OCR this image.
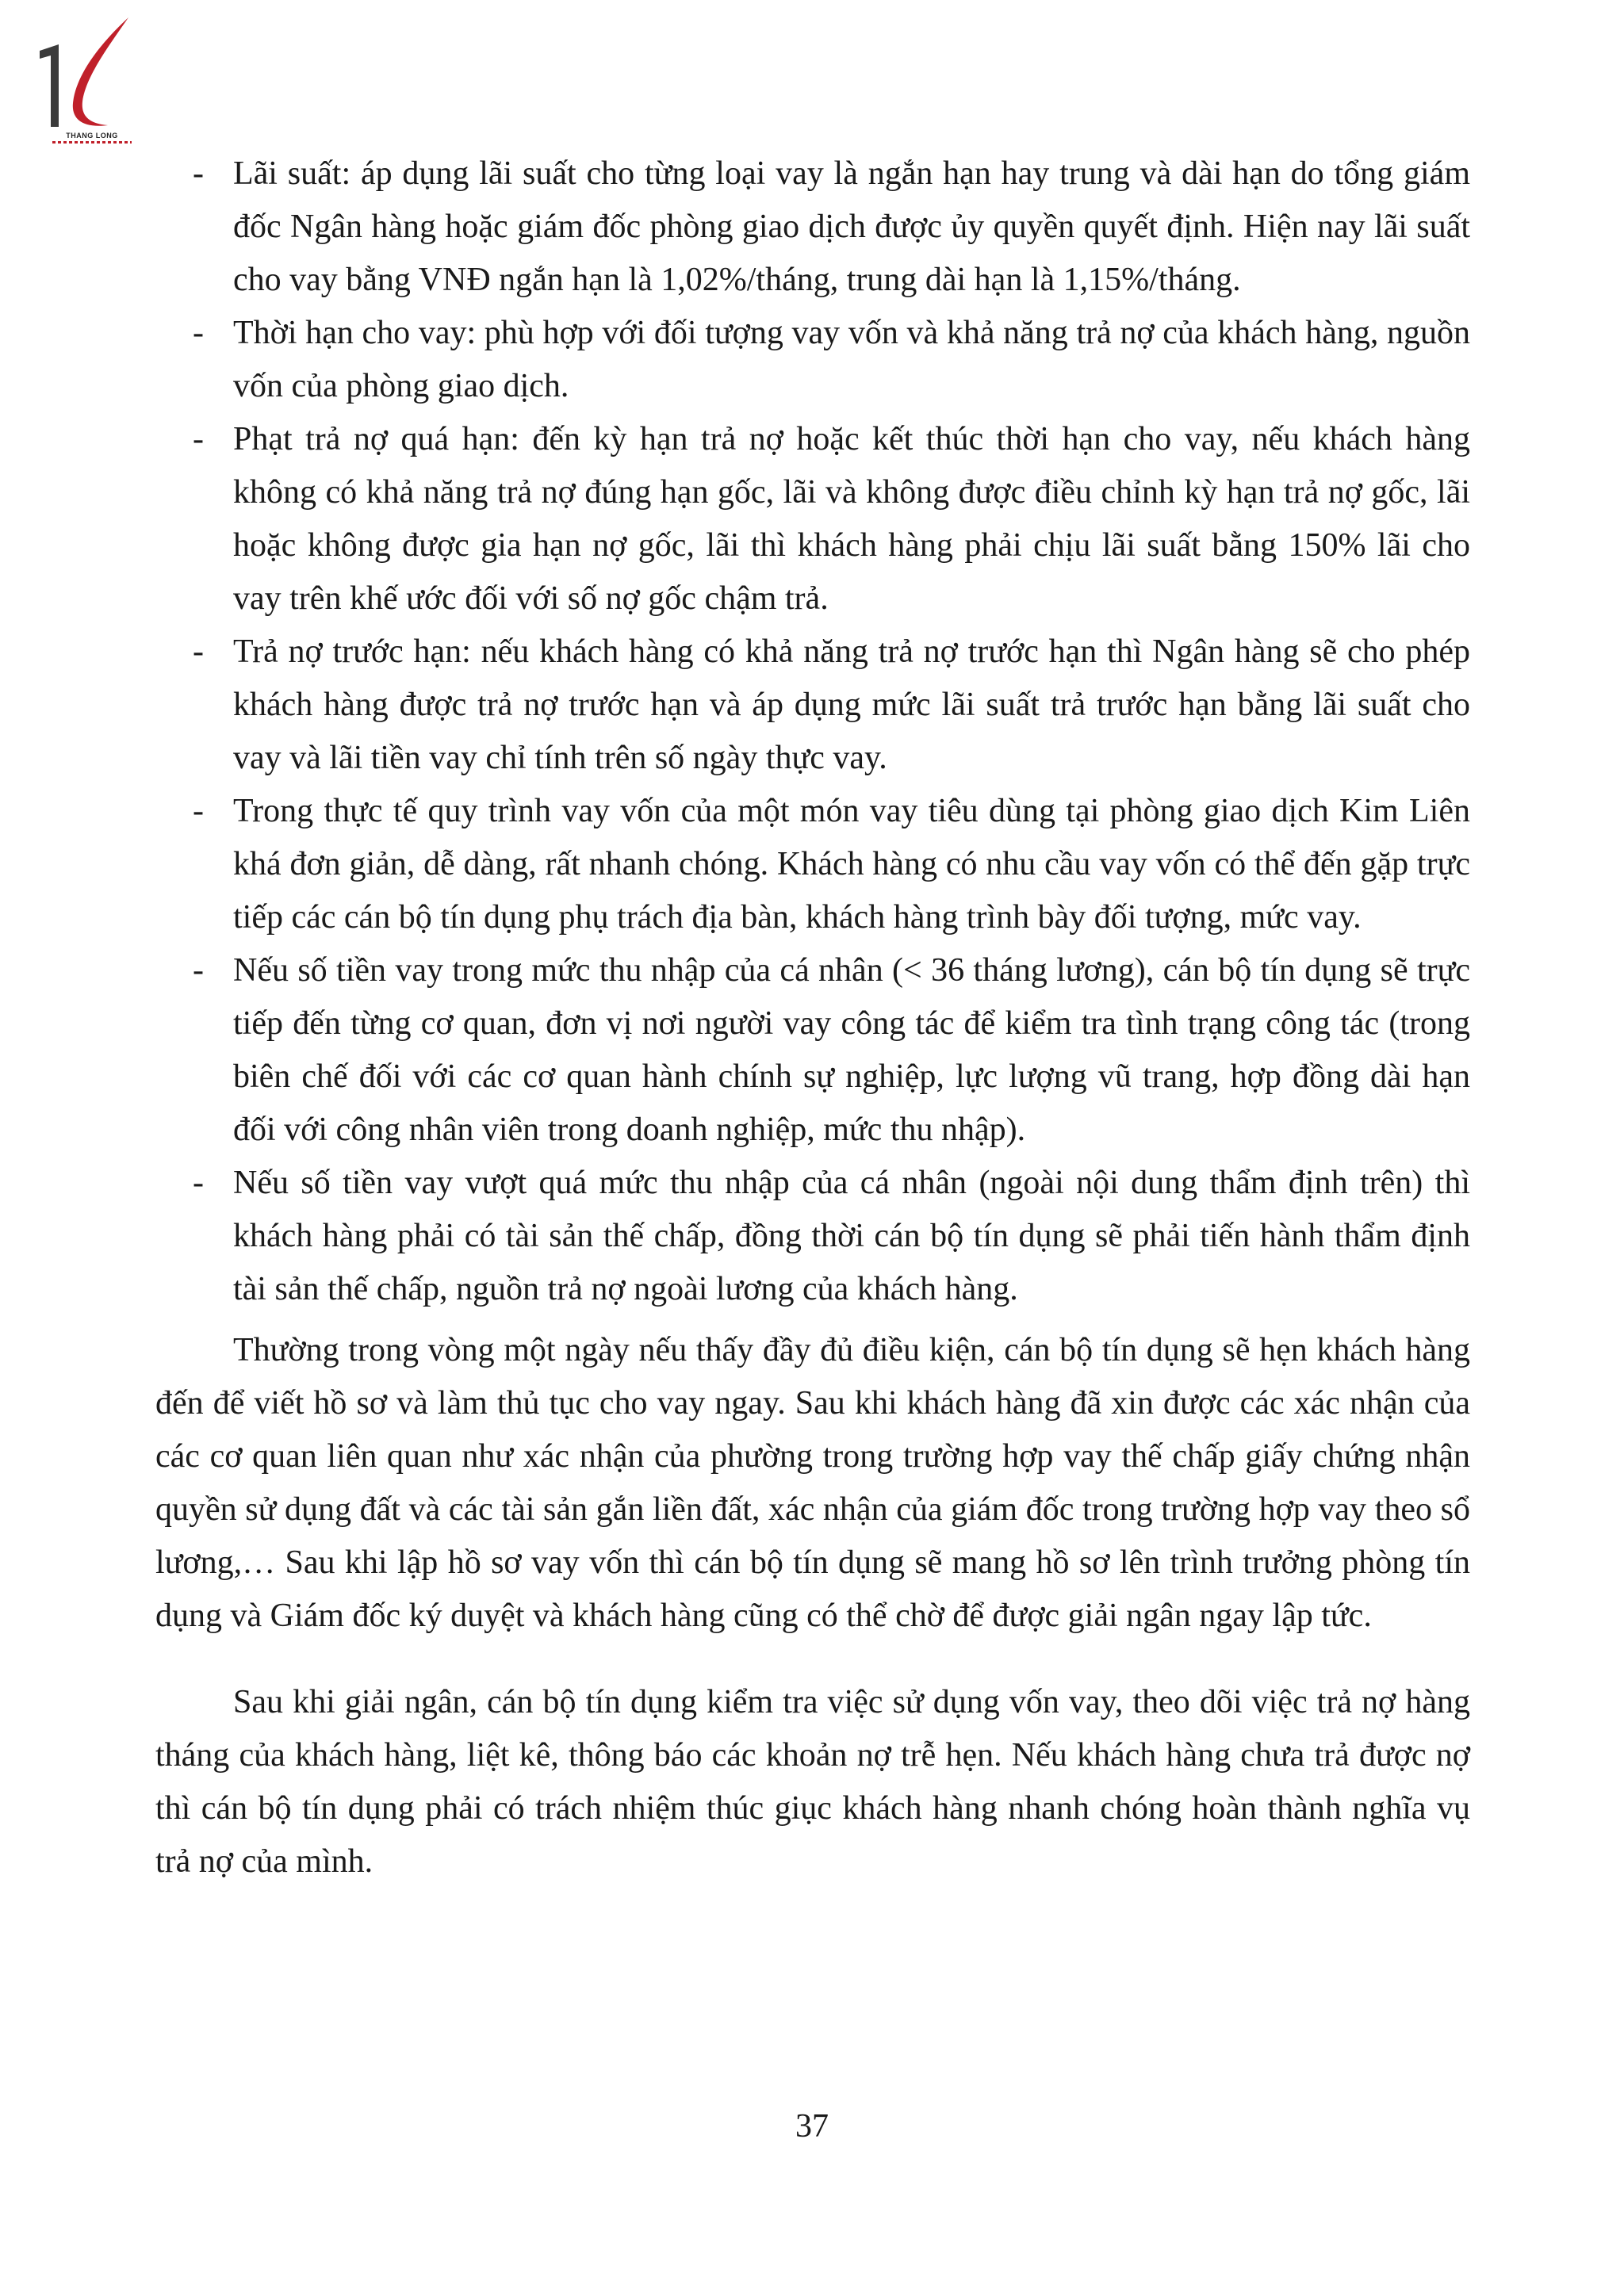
THANG LONG
- Lãi suất: áp dụng lãi suất cho từng loại vay là ngắn hạn hay trung và dài hạn do tổng giám đốc Ngân hàng hoặc giám đốc phòng giao dịch được ủy quyền quyết định. Hiện nay lãi suất cho vay bằng VNĐ ngắn hạn là 1,02%/tháng, trung dài hạn là 1,15%/tháng.
- Thời hạn cho vay: phù hợp với đối tượng vay vốn và khả năng trả nợ của khách hàng, nguồn vốn của phòng giao dịch.
- Phạt trả nợ quá hạn: đến kỳ hạn trả nợ hoặc kết thúc thời hạn cho vay, nếu khách hàng không có khả năng trả nợ đúng hạn gốc, lãi và không được điều chỉnh kỳ hạn trả nợ gốc, lãi hoặc không được gia hạn nợ gốc, lãi thì khách hàng phải chịu lãi suất bằng 150% lãi cho vay trên khế ước đối với số nợ gốc chậm trả.
- Trả nợ trước hạn: nếu khách hàng có khả năng trả nợ trước hạn thì Ngân hàng sẽ cho phép khách hàng được trả nợ trước hạn và áp dụng mức lãi suất trả trước hạn bằng lãi suất cho vay và lãi tiền vay chỉ tính trên số ngày thực vay.
- Trong thực tế quy trình vay vốn của một món vay tiêu dùng tại phòng giao dịch Kim Liên khá đơn giản, dễ dàng, rất nhanh chóng. Khách hàng có nhu cầu vay vốn có thể đến gặp trực tiếp các cán bộ tín dụng phụ trách địa bàn, khách hàng trình bày đối tượng, mức vay.
- Nếu số tiền vay trong mức thu nhập của cá nhân (< 36 tháng lương), cán bộ tín dụng sẽ trực tiếp đến từng cơ quan, đơn vị nơi người vay công tác để kiểm tra tình trạng công tác (trong biên chế đối với các cơ quan hành chính sự nghiệp, lực lượng vũ trang, hợp đồng dài hạn đối với công nhân viên trong doanh nghiệp, mức thu nhập).
- Nếu số tiền vay vượt quá mức thu nhập của cá nhân (ngoài nội dung thẩm định trên) thì khách hàng phải có tài sản thế chấp, đồng thời cán bộ tín dụng sẽ phải tiến hành thẩm định tài sản thế chấp, nguồn trả nợ ngoài lương của khách hàng.

Thường trong vòng một ngày nếu thấy đầy đủ điều kiện, cán bộ tín dụng sẽ hẹn khách hàng đến để viết hồ sơ và làm thủ tục cho vay ngay. Sau khi khách hàng đã xin được các xác nhận của các cơ quan liên quan như xác nhận của phường trong trường hợp vay thế chấp giấy chứng nhận quyền sử dụng đất và các tài sản gắn liền đất, xác nhận của giám đốc trong trường hợp vay theo sổ lương,… Sau khi lập hồ sơ vay vốn thì cán bộ tín dụng sẽ mang hồ sơ lên trình trưởng phòng tín dụng và Giám đốc ký duyệt và khách hàng cũng có thể chờ để được giải ngân ngay lập tức.

Sau khi giải ngân, cán bộ tín dụng kiểm tra việc sử dụng vốn vay, theo dõi việc trả nợ hàng tháng của khách hàng, liệt kê, thông báo các khoản nợ trễ hẹn. Nếu khách hàng chưa trả được nợ thì cán bộ tín dụng phải có trách nhiệm thúc giục khách hàng nhanh chóng hoàn thành nghĩa vụ trả nợ của mình.

37
